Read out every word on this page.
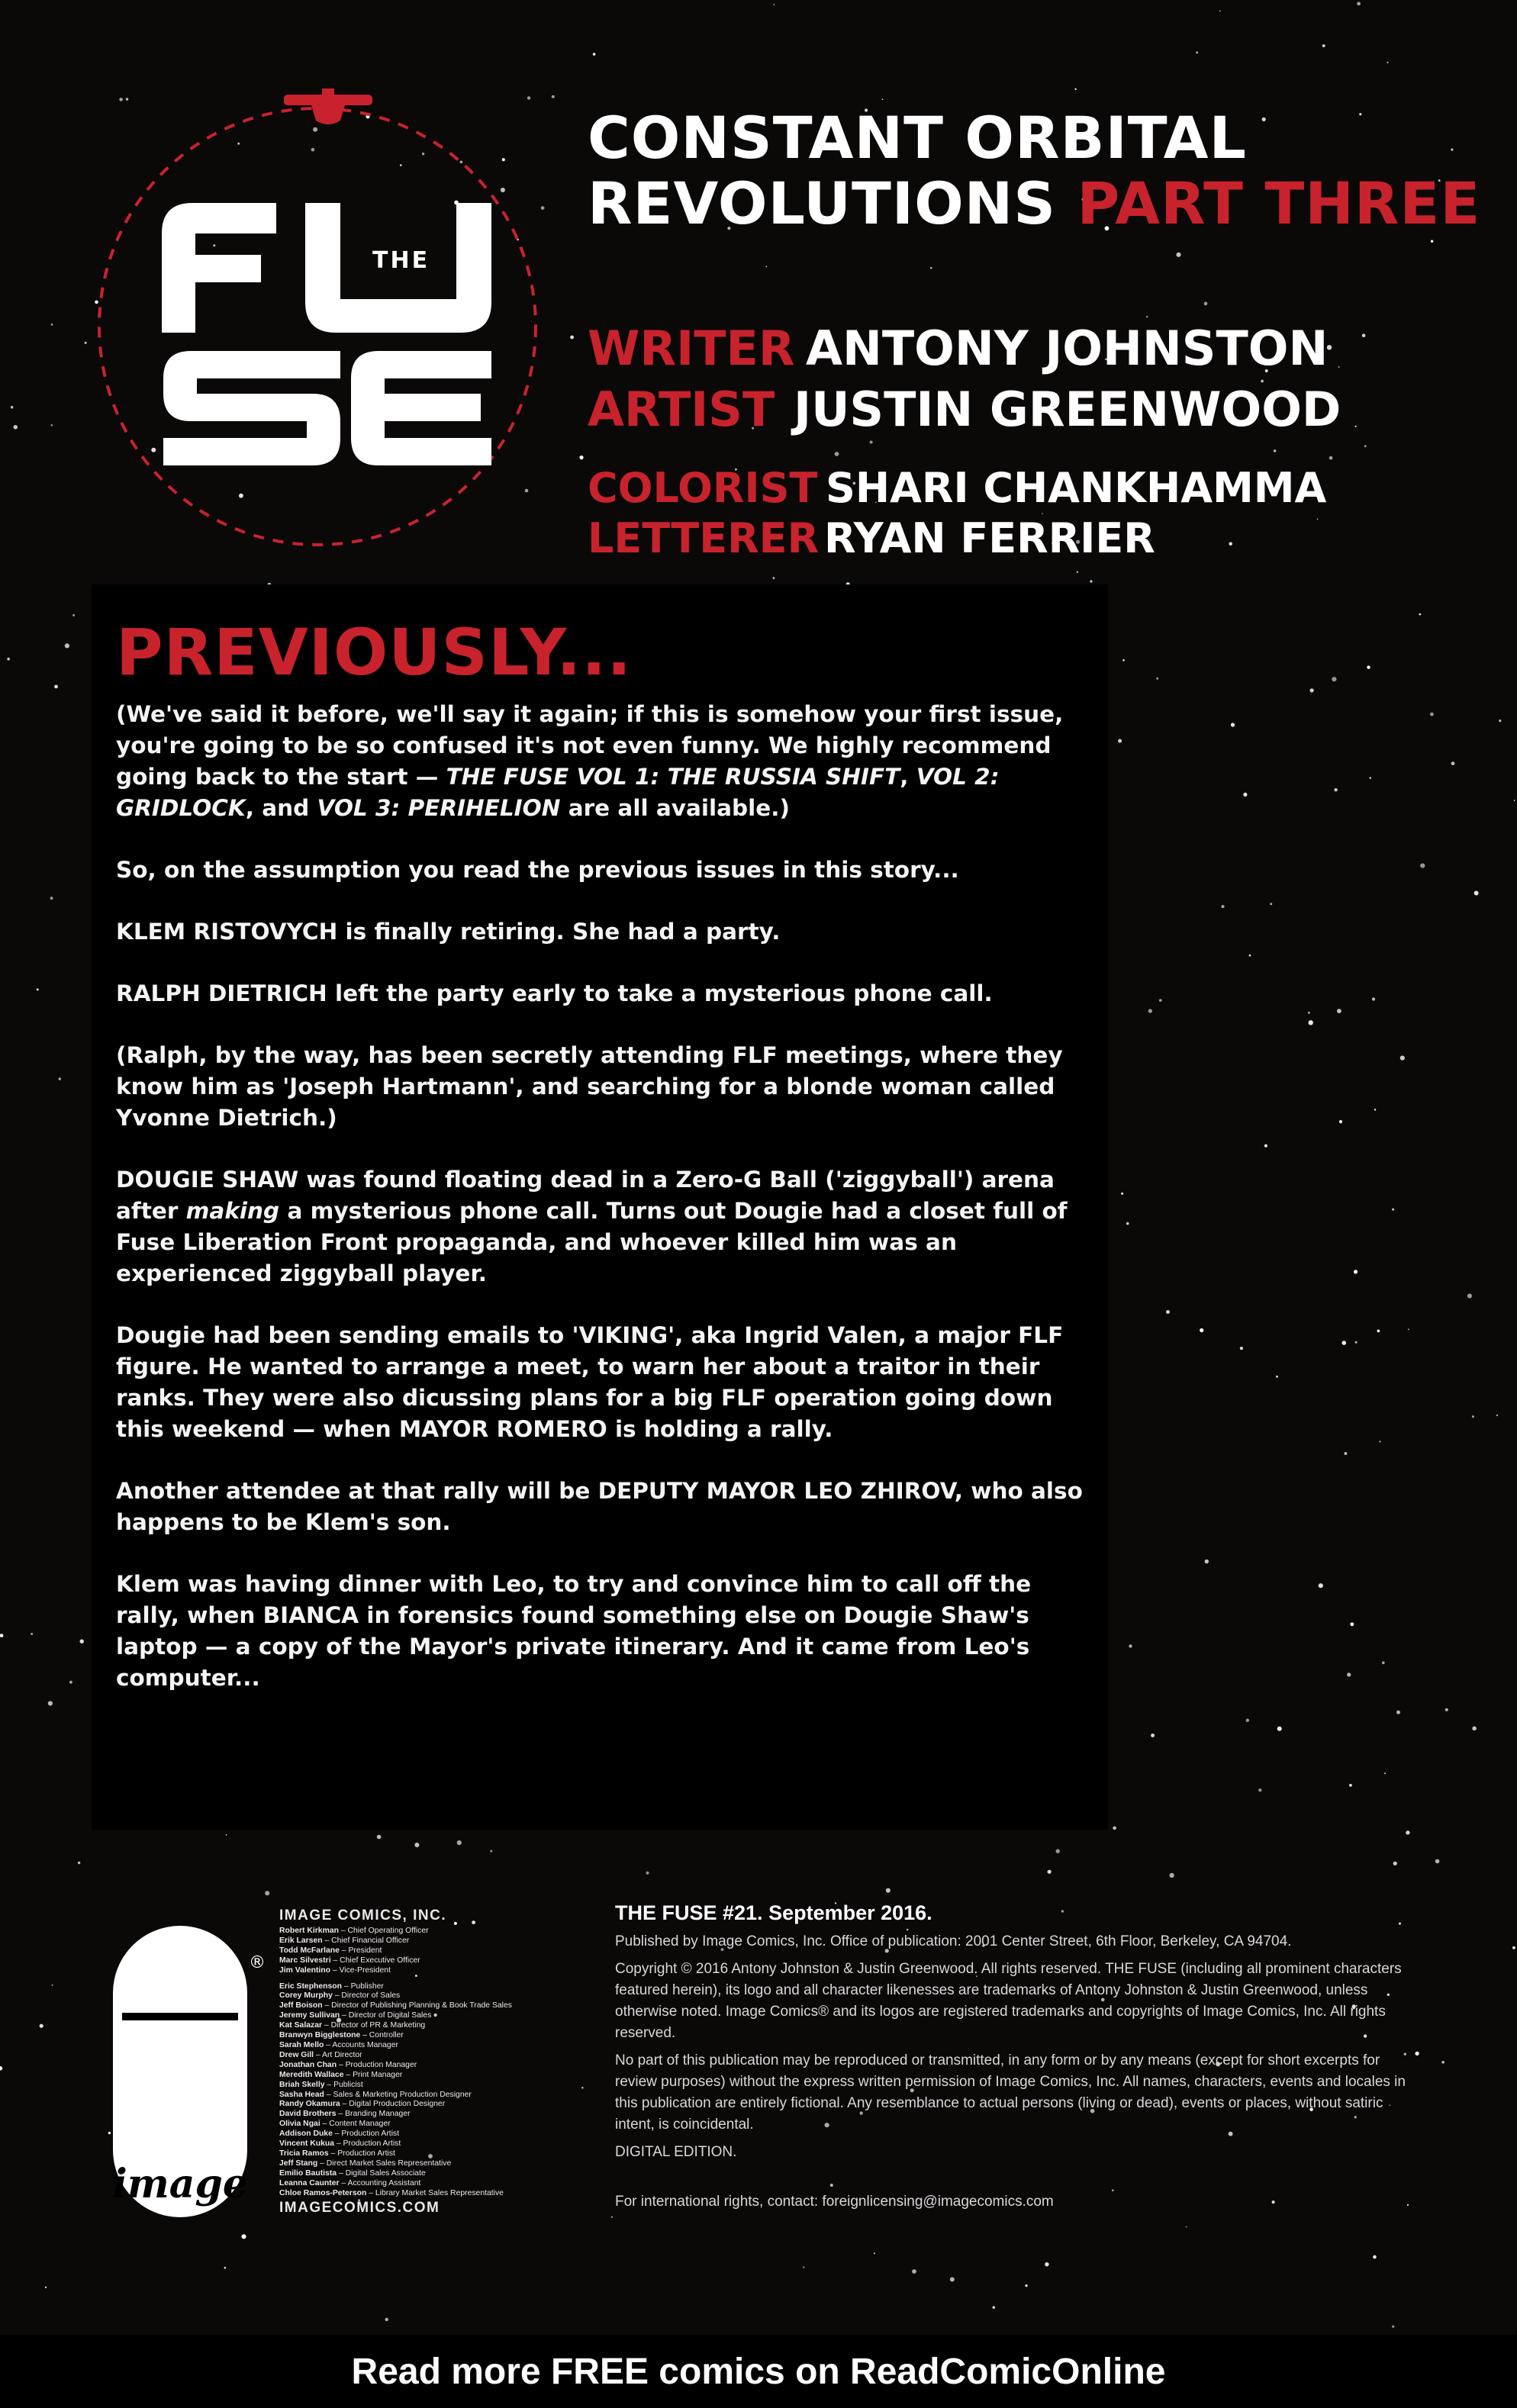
THE
CONSTANT ORBITAL
REVOLUTIONS PART THREE
WRITER ANTONY JOHNSTON
ARTIST JUSTIN GREENWOOD
COLORIST SHARI CHANKHAMMA
LETTERER RYAN FERRIER
PREVIOUSLY...

(We've said it before, we'll say it again; if this is somehow your first issue, you're going to be so confused it's not even funny. We highly recommend going back to the start — THE FUSE VOL 1: THE RUSSIA SHIFT, VOL 2: GRIDLOCK, and VOL 3: PERIHELION are all available.)

So, on the assumption you read the previous issues in this story...

KLEM RISTOVYCH is finally retiring. She had a party.

RALPH DIETRICH left the party early to take a mysterious phone call.

(Ralph, by the way, has been secretly attending FLF meetings, where they know him as 'Joseph Hartmann', and searching for a blonde woman called Yvonne Dietrich.)

DOUGIE SHAW was found floating dead in a Zero-G Ball ('ziggyball') arena after making a mysterious phone call. Turns out Dougie had a closet full of Fuse Liberation Front propaganda, and whoever killed him was an experienced ziggyball player.

Dougie had been sending emails to 'VIKING', aka Ingrid Valen, a major FLF figure. He wanted to arrange a meet, to warn her about a traitor in their ranks. They were also dicussing plans for a big FLF operation going down this weekend — when MAYOR ROMERO is holding a rally.

Another attendee at that rally will be DEPUTY MAYOR LEO ZHIROV, who also happens to be Klem's son.

Klem was having dinner with Leo, to try and convince him to call off the rally, when BIANCA in forensics found something else on Dougie Shaw's laptop — a copy of the Mayor's private itinerary. And it came from Leo's computer...

image
®
IMAGE COMICS, INC.
Robert Kirkman – Chief Operating Officer
Erik Larsen – Chief Financial Officer
Todd McFarlane – President
Marc Silvestri – Chief Executive Officer
Jim Valentino – Vice-President
Eric Stephenson – Publisher
Corey Murphy – Director of Sales
Jeff Boison – Director of Publishing Planning & Book Trade Sales
Jeremy Sullivan – Director of Digital Sales
Kat Salazar – Director of PR & Marketing
Branwyn Bigglestone – Controller
Sarah Mello – Accounts Manager
Drew Gill – Art Director
Jonathan Chan – Production Manager
Meredith Wallace – Print Manager
Briah Skelly – Publicist
Sasha Head – Sales & Marketing Production Designer
Randy Okamura – Digital Production Designer
David Brothers – Branding Manager
Olivia Ngai – Content Manager
Addison Duke – Production Artist
Vincent Kukua – Production Artist
Tricia Ramos – Production Artist
Jeff Stang – Direct Market Sales Representative
Emilio Bautista – Digital Sales Associate
Leanna Caunter – Accounting Assistant
Chloe Ramos-Peterson – Library Market Sales Representative
IMAGECOMICS.COM
THE FUSE #21. September 2016.

Published by Image Comics, Inc. Office of publication: 2001 Center Street, 6th Floor, Berkeley, CA 94704.

Copyright © 2016 Antony Johnston & Justin Greenwood. All rights reserved. THE FUSE (including all prominent characters featured herein), its logo and all character likenesses are trademarks of Antony Johnston & Justin Greenwood, unless otherwise noted. Image Comics® and its logos are registered trademarks and copyrights of Image Comics, Inc. All rights reserved.

No part of this publication may be reproduced or transmitted, in any form or by any means (except for short excerpts for review purposes) without the express written permission of Image Comics, Inc. All names, characters, events and locales in this publication are entirely fictional. Any resemblance to actual persons (living or dead), events or places, without satiric intent, is coincidental.

DIGITAL EDITION.

For international rights, contact: foreignlicensing@imagecomics.com
Read more FREE comics on ReadComicOnline
